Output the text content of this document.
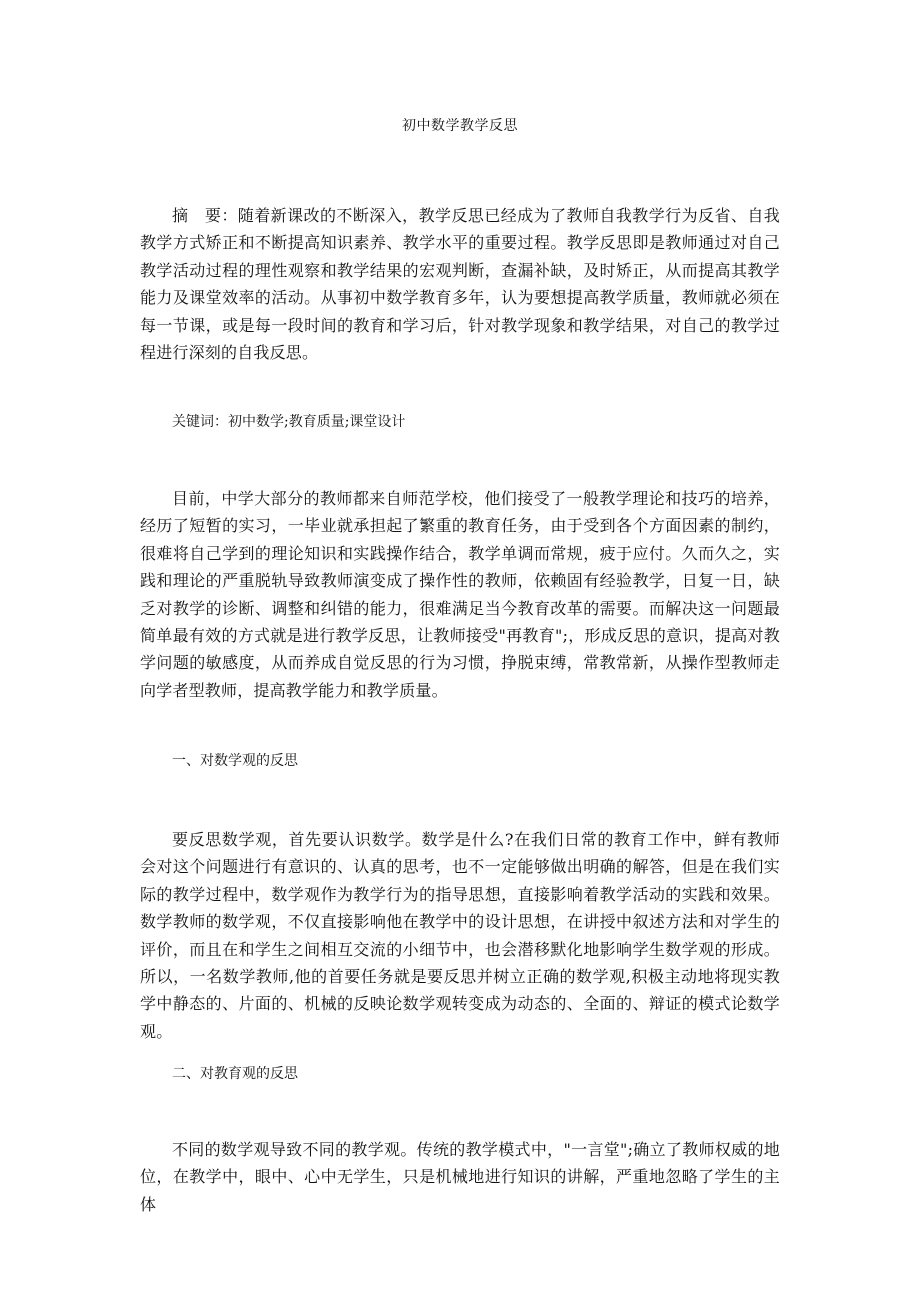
初中数学教学反思

摘　要：随着新课改的不断深入，教学反思已经成为了教师自我教学行为反省、自我教学方式矫正和不断提高知识素养、教学水平的重要过程。教学反思即是教师通过对自己教学活动过程的理性观察和教学结果的宏观判断，查漏补缺，及时矫正，从而提高其教学能力及课堂效率的活动。从事初中数学教育多年，认为要想提高教学质量，教师就必须在每一节课，或是每一段时间的教育和学习后，针对教学现象和教学结果，对自己的教学过程进行深刻的自我反思。

关键词：初中数学;教育质量;课堂设计

目前，中学大部分的教师都来自师范学校，他们接受了一般教学理论和技巧的培养，经历了短暂的实习，一毕业就承担起了繁重的教育任务，由于受到各个方面因素的制约，很难将自己学到的理论知识和实践操作结合，教学单调而常规，疲于应付。久而久之，实践和理论的严重脱轨导致教师演变成了操作性的教师，依赖固有经验教学，日复一日，缺乏对教学的诊断、调整和纠错的能力，很难满足当今教育改革的需要。而解决这一问题最简单最有效的方式就是进行教学反思，让教师接受"再教育";，形成反思的意识，提高对教学问题的敏感度，从而养成自觉反思的行为习惯，挣脱束缚，常教常新，从操作型教师走向学者型教师，提高教学能力和教学质量。

一、对数学观的反思

要反思数学观，首先要认识数学。数学是什么?在我们日常的教育工作中，鲜有教师会对这个问题进行有意识的、认真的思考，也不一定能够做出明确的解答，但是在我们实际的教学过程中，数学观作为教学行为的指导思想，直接影响着教学活动的实践和效果。数学教师的数学观，不仅直接影响他在教学中的设计思想，在讲授中叙述方法和对学生的评价，而且在和学生之间相互交流的小细节中，也会潜移默化地影响学生数学观的形成。所以，一名数学教师,他的首要任务就是要反思并树立正确的数学观,积极主动地将现实教学中静态的、片面的、机械的反映论数学观转变成为动态的、全面的、辩证的模式论数学观。

二、对教育观的反思

不同的数学观导致不同的教学观。传统的教学模式中，"一言堂";确立了教师权威的地位，在教学中，眼中、心中无学生，只是机械地进行知识的讲解，严重地忽略了学生的主体
